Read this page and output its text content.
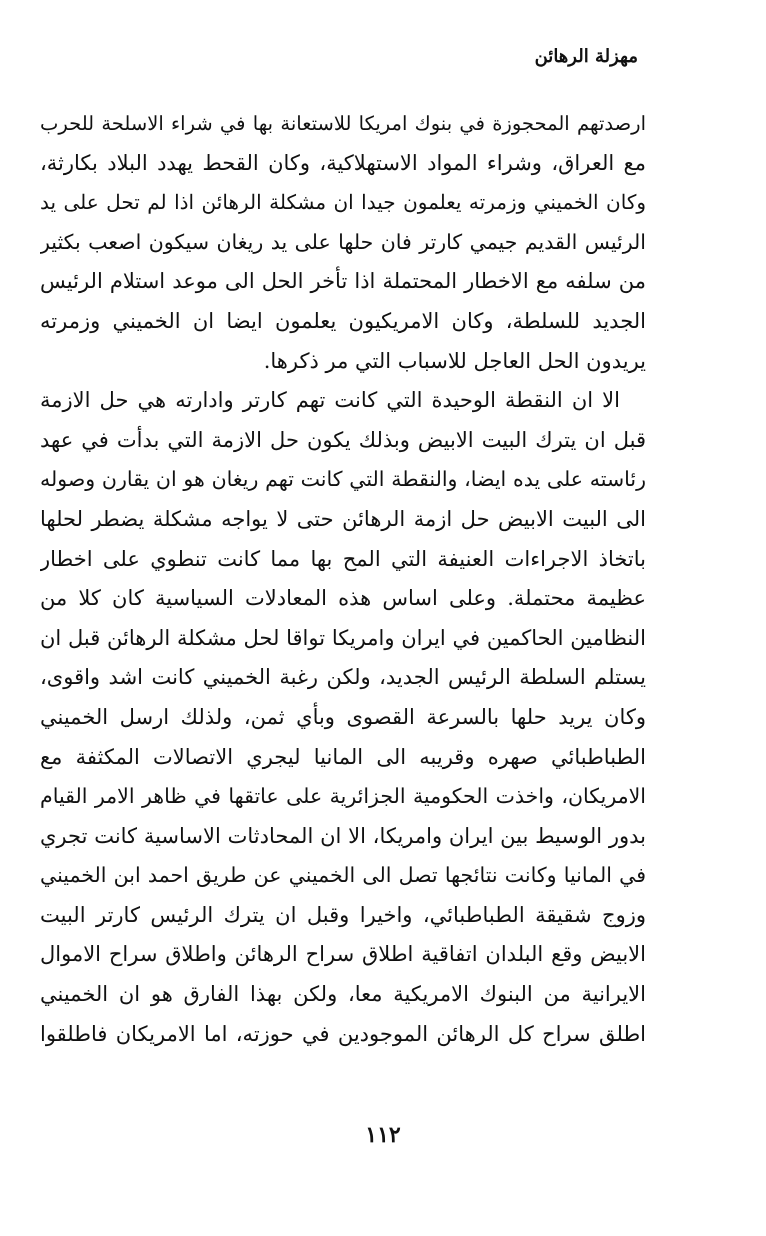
مهزلة الرهائن
ارصدتهم المحجوزة في بنوك امريكا للاستعانة بها في شراء الاسلحة للحرب
مع العراق، وشراء المواد الاستهلاكية، وكان القحط يهدد البلاد بكارثة،
وكان الخميني وزمرته يعلمون جيدا ان مشكلة الرهائن اذا لم تحل على يد
الرئيس القديم جيمي كارتر فان حلها على يد ريغان سيكون اصعب بكثير
من سلفه مع الاخطار المحتملة اذا تأخر الحل الى موعد استلام الرئيس
الجديد للسلطة، وكان الامريكيون يعلمون ايضا ان الخميني وزمرته
يريدون الحل العاجل للاسباب التي مر ذكرها.
الا ان النقطة الوحيدة التي كانت تهم كارتر وادارته هي حل الازمة
قبل ان يترك البيت الابيض وبذلك يكون حل الازمة التي بدأت في عهد
رئاسته على يده ايضا، والنقطة التي كانت تهم ريغان هو ان يقارن وصوله
الى البيت الابيض حل ازمة الرهائن حتى لا يواجه مشكلة يضطر لحلها
باتخاذ الاجراءات العنيفة التي المح بها مما كانت تنطوي على اخطار
عظيمة محتملة. وعلى اساس هذه المعادلات السياسية كان كلا من
النظامين الحاكمين في ايران وامريكا تواقا لحل مشكلة الرهائن قبل ان
يستلم السلطة الرئيس الجديد، ولكن رغبة الخميني كانت اشد واقوى،
وكان يريد حلها بالسرعة القصوى وبأي ثمن، ولذلك ارسل الخميني
الطباطبائي صهره وقريبه الى المانيا ليجري الاتصالات المكثفة مع
الامريكان، واخذت الحكومية الجزائرية على عاتقها في ظاهر الامر القيام
بدور الوسيط بين ايران وامريكا، الا ان المحادثات الاساسية كانت تجري
في المانيا وكانت نتائجها تصل الى الخميني عن طريق احمد ابن الخميني
وزوج شقيقة الطباطبائي، واخيرا وقبل ان يترك الرئيس كارتر البيت
الابيض وقع البلدان اتفاقية اطلاق سراح الرهائن واطلاق سراح الاموال
الايرانية من البنوك الامريكية معا، ولكن بهذا الفارق هو ان الخميني
اطلق سراح كل الرهائن الموجودين في حوزته، اما الامريكان فاطلقوا
١١٢
